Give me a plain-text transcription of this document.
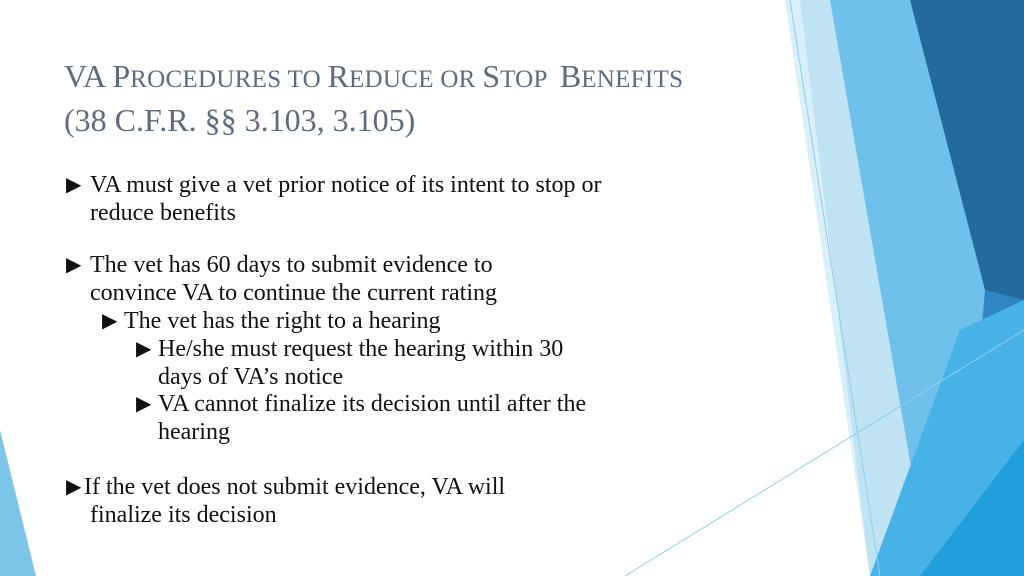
VA PROCEDURES TO REDUCE OR STOP  BENEFITS
(38 C.F.R. §§ 3.103, 3.105)
▶ VA must give a vet prior notice of its intent to stop or
reduce benefits
▶ The vet has 60 days to submit evidence to
convince VA to continue the current rating
▶ The vet has the right to a hearing
▶ He/she must request the hearing within 30
days of VA’s notice
▶ VA cannot finalize its decision until after the
hearing
▶ If the vet does not submit evidence, VA will
finalize its decision
